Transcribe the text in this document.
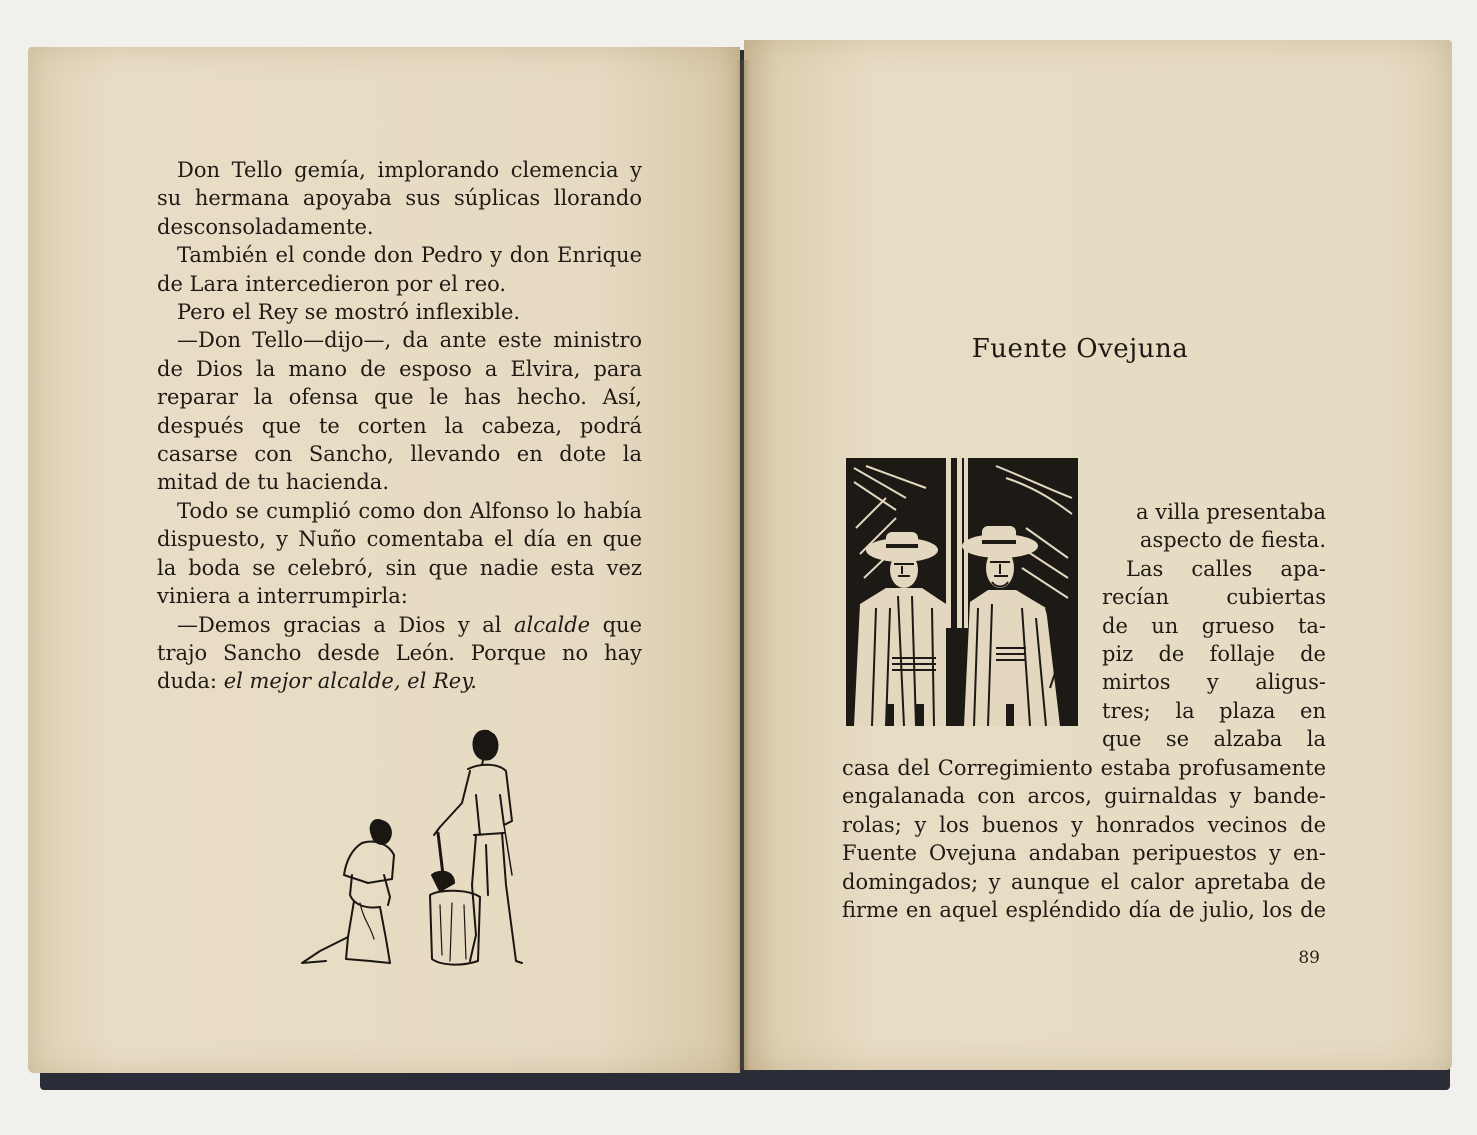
Don Tello gemía, implorando clemencia y su hermana apoyaba sus súplicas llorando desconsoladamente.

También el conde don Pedro y don Enrique de Lara intercedieron por el reo.

Pero el Rey se mostró inflexible.

—Don Tello—dijo—, da ante este ministro de Dios la mano de esposo a Elvira, para reparar la ofensa que le has hecho. Así, después que te corten la cabeza, podrá casarse con Sancho, llevando en dote la mitad de tu hacienda.

Todo se cumplió como don Alfonso lo había dispuesto, y Nuño comentaba el día en que la boda se celebró, sin que nadie esta vez viniera a interrumpirla:

—Demos gracias a Dios y al alcalde que trajo Sancho desde León. Porque no hay duda: el mejor alcalde, el Rey.

Fuente Ovejuna
a villa presentaba
aspecto de fiesta.
Las calles apa-
recían cubiertas
de un grueso ta-
piz de follaje de
mirtos y aligus-
tres; la plaza en
que se alzaba la
casa del Corregimiento estaba profusamente
engalanada con arcos, guirnaldas y bande-
rolas; y los buenos y honrados vecinos de
Fuente Ovejuna andaban peripuestos y en-
domingados; y aunque el calor apretaba de
firme en aquel espléndido día de julio, los de
89
